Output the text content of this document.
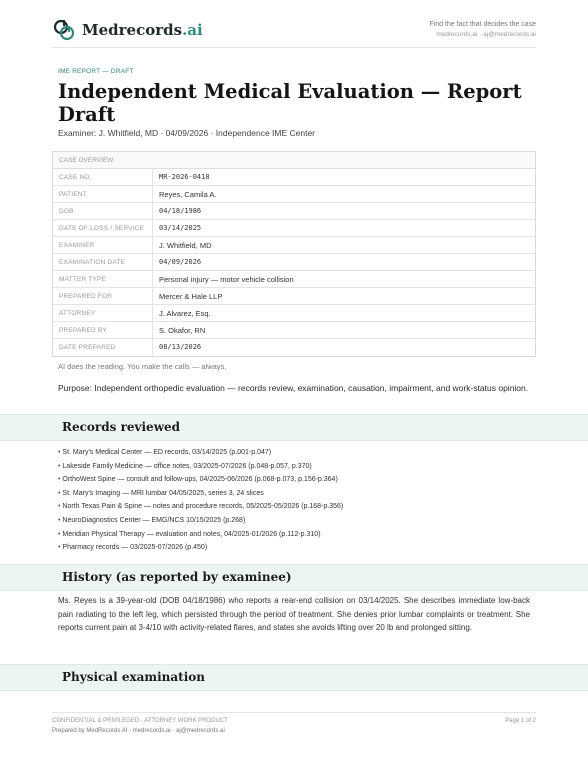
Medrecords.ai	Find the fact that decides the case
medrecords.ai · aj@medrecords.ai
IME REPORT — DRAFT
Independent Medical Evaluation — Report Draft
Examiner: J. Whitfield, MD · 04/09/2026 · Independence IME Center
CASE OVERVIEW
CASE NO.	MR-2026-0418
PATIENT	Reyes, Camila A.
DOB	04/18/1986
DATE OF LOSS / SERVICE	03/14/2025
EXAMINER	J. Whitfield, MD
EXAMINATION DATE	04/09/2026
MATTER TYPE	Personal injury — motor vehicle collision
PREPARED FOR	Mercer & Hale LLP
ATTORNEY	J. Alvarez, Esq.
PREPARED BY	S. Okafor, RN
DATE PREPARED	08/13/2026
AI does the reading. You make the calls — always.

Purpose: Independent orthopedic evaluation — records review, examination, causation, impairment, and work-status opinion.

Records reviewed
• St. Mary's Medical Center — ED records, 03/14/2025 (p.001-p.047)
• Lakeside Family Medicine — office notes, 03/2025-07/2026 (p.048-p.057, p.370)
• OrthoWest Spine — consult and follow-ups, 04/2025-06/2026 (p.068-p.073, p.156-p.364)
• St. Mary's Imaging — MRI lumbar 04/05/2025, series 3, 24 slices
• North Texas Pain & Spine — notes and procedure records, 05/2025-05/2026 (p.168-p.356)
• NeuroDiagnostics Center — EMG/NCS 10/15/2025 (p.268)
• Meridian Physical Therapy — evaluation and notes, 04/2025-01/2026 (p.112-p.310)
• Pharmacy records — 03/2025-07/2026 (p.450)
History (as reported by examinee)

Ms. Reyes is a 39-year-old (DOB 04/18/1986) who reports a rear-end collision on 03/14/2025. She describes immediate low-back pain radiating to the left leg, which persisted through the period of treatment. She denies prior lumbar complaints or treatment. She reports current pain at 3-4/10 with activity-related flares, and states she avoids lifting over 20 lb and prolonged sitting.

Physical examination
CONFIDENTIAL & PRIVILEGED · ATTORNEY WORK PRODUCT	Page 1 of 2
Prepared by MedRecords AI · medrecords.ai · aj@medrecords.ai
